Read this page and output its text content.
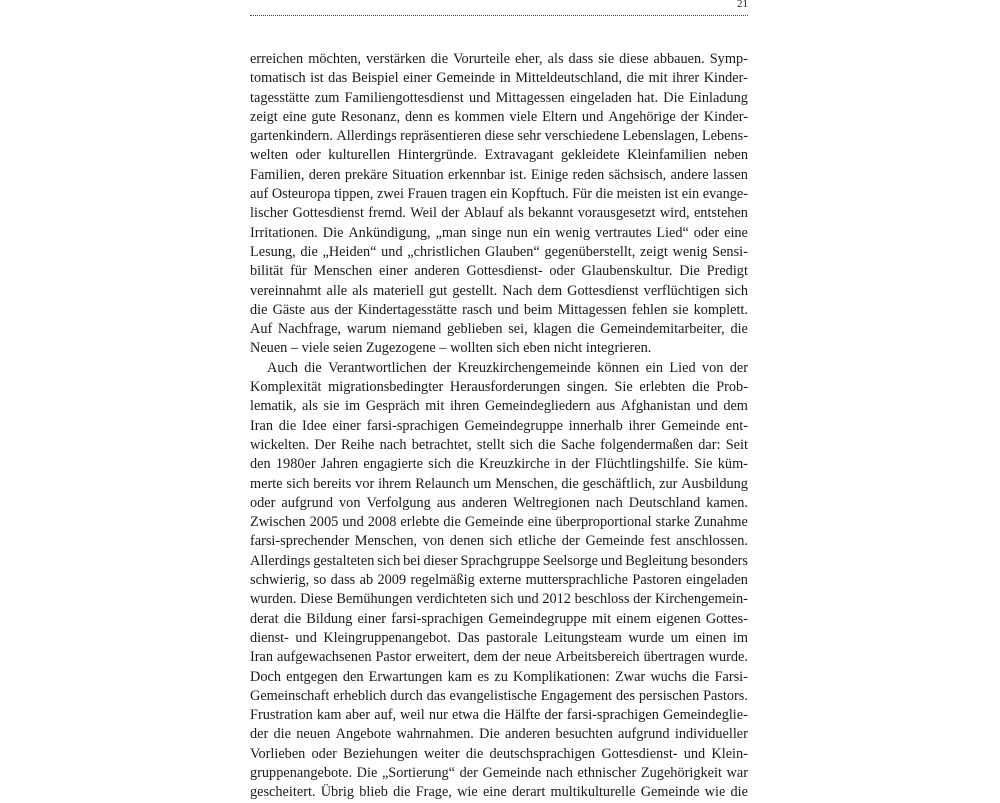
21
erreichen möchten, verstärken die Vorurteile eher, als dass sie diese abbauen. Symp-
tomatisch ist das Beispiel einer Gemeinde in Mitteldeutschland, die mit ihrer Kinder-
tagesstätte zum Familiengottesdienst und Mittagessen eingeladen hat. Die Einladung
zeigt eine gute Resonanz, denn es kommen viele Eltern und Angehörige der Kinder-
gartenkindern. Allerdings repräsentieren diese sehr verschiedene Lebenslagen, Lebens-
welten oder kulturellen Hintergründe. Extravagant gekleidete Kleinfamilien neben
Familien, deren prekäre Situation erkennbar ist. Einige reden sächsisch, andere lassen
auf Osteuropa tippen, zwei Frauen tragen ein Kopftuch. Für die meisten ist ein evange-
lischer Gottesdienst fremd. Weil der Ablauf als bekannt vorausgesetzt wird, entstehen
Irritationen. Die Ankündigung, „man singe nun ein wenig vertrautes Lied“ oder eine
Lesung, die „Heiden“ und „christlichen Glauben“ gegenüberstellt, zeigt wenig Sensi-
bilität für Menschen einer anderen Gottesdienst- oder Glaubenskultur. Die Predigt
vereinnahmt alle als materiell gut gestellt. Nach dem Gottesdienst verflüchtigen sich
die Gäste aus der Kindertagesstätte rasch und beim Mittagessen fehlen sie komplett.
Auf Nachfrage, warum niemand geblieben sei, klagen die Gemeindemitarbeiter, die
Neuen – viele seien Zugezogene – wollten sich eben nicht integrieren.
Auch die Verantwortlichen der Kreuzkirchengemeinde können ein Lied von der
Komplexität migrationsbedingter Herausforderungen singen. Sie erlebten die Prob-
lematik, als sie im Gespräch mit ihren Gemeindegliedern aus Afghanistan und dem
Iran die Idee einer farsi-sprachigen Gemeindegruppe innerhalb ihrer Gemeinde ent-
wickelten. Der Reihe nach betrachtet, stellt sich die Sache folgendermaßen dar: Seit
den 1980er Jahren engagierte sich die Kreuzkirche in der Flüchtlingshilfe. Sie küm-
merte sich bereits vor ihrem Relaunch um Menschen, die geschäftlich, zur Ausbildung
oder aufgrund von Verfolgung aus anderen Weltregionen nach Deutschland kamen.
Zwischen 2005 und 2008 erlebte die Gemeinde eine überproportional starke Zunahme
farsi-sprechender Menschen, von denen sich etliche der Gemeinde fest anschlossen.
Allerdings gestalteten sich bei dieser Sprachgruppe Seelsorge und Begleitung besonders
schwierig, so dass ab 2009 regelmäßig externe muttersprachliche Pastoren eingeladen
wurden. Diese Bemühungen verdichteten sich und 2012 beschloss der Kirchengemein-
derat die Bildung einer farsi-sprachigen Gemeindegruppe mit einem eigenen Gottes-
dienst- und Kleingruppenangebot. Das pastorale Leitungsteam wurde um einen im
Iran aufgewachsenen Pastor erweitert, dem der neue Arbeitsbereich übertragen wurde.
Doch entgegen den Erwartungen kam es zu Komplikationen: Zwar wuchs die Farsi-
Gemeinschaft erheblich durch das evangelistische Engagement des persischen Pastors.
Frustration kam aber auf, weil nur etwa die Hälfte der farsi-sprachigen Gemeindeglie-
der die neuen Angebote wahrnahmen. Die anderen besuchten aufgrund individueller
Vorlieben oder Beziehungen weiter die deutschsprachigen Gottesdienst- und Klein-
gruppenangebote. Die „Sortierung“ der Gemeinde nach ethnischer Zugehörigkeit war
gescheitert. Übrig blieb die Frage, wie eine derart multikulturelle Gemeinde wie die
